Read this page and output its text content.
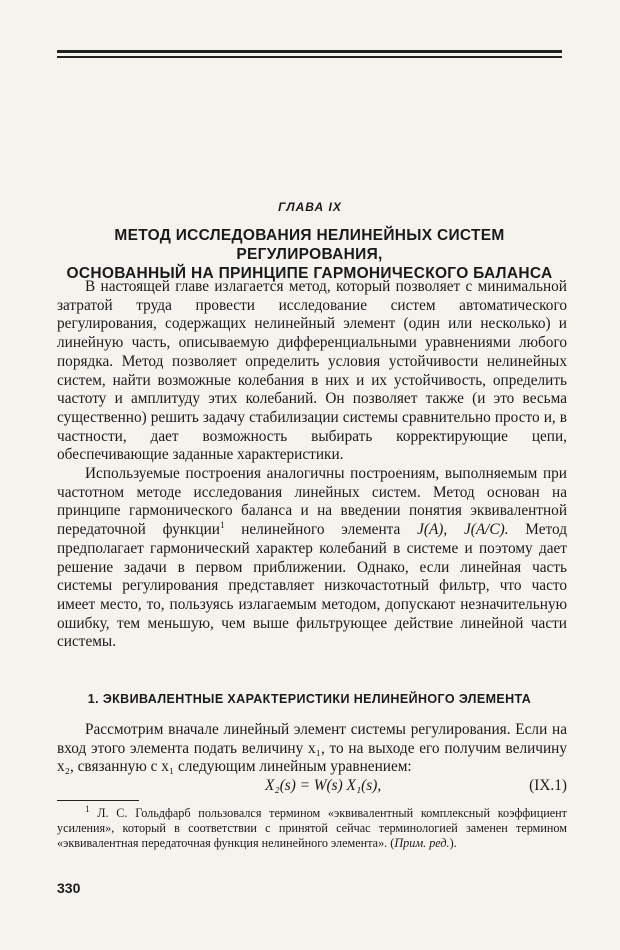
ГЛАВА IX
МЕТОД ИССЛЕДОВАНИЯ НЕЛИНЕЙНЫХ СИСТЕМ РЕГУЛИРОВАНИЯ,
ОСНОВАННЫЙ НА ПРИНЦИПЕ ГАРМОНИЧЕСКОГО БАЛАНСА

В настоящей главе излагается метод, который позволяет с минимальной затратой труда провести исследование систем автоматического регулирования, содержащих нелинейный элемент (один или несколько) и линейную часть, описываемую дифференциальными уравнениями любого порядка. Метод позволяет определить условия устойчивости нелинейных систем, найти возможные колебания в них и их устойчивость, определить частоту и амплитуду этих колебаний. Он позволяет также (и это весьма существенно) решить задачу стабилизации системы сравнительно просто и, в частности, дает возможность выбирать корректирующие цепи, обеспечивающие заданные характеристики.

Используемые построения аналогичны построениям, выполняемым при частотном методе исследования линейных систем. Метод основан на принципе гармонического баланса и на введении понятия эквивалентной передаточной функции$^1$ нелинейного элемента J(A), J(A/C). Метод предполагает гармонический характер колебаний в системе и поэтому дает решение задачи в первом приближении. Однако, если линейная часть системы регулирования представляет низкочастотный фильтр, что часто имеет место, то, пользуясь излагаемым методом, допускают незначительную ошибку, тем меньшую, чем выше фильтрующее действие линейной части системы.

1. ЭКВИВАЛЕНТНЫЕ ХАРАКТЕРИСТИКИ НЕЛИНЕЙНОГО ЭЛЕМЕНТА

Рассмотрим вначале линейный элемент системы регулирования. Если на вход этого элемента подать величину x₁, то на выходе его получим величину x₂, связанную с x₁ следующим линейным уравнением:

X₂(s) = W(s) X₁(s),	(IX.1)

$^1$ Л. С. Гольдфарб пользовался термином «эквивалентный комплексный коэффициент усиления», который в соответствии с принятой сейчас терминологией заменен термином «эквивалентная передаточная функция нелинейного элемента». (Прим. ред.).

330
